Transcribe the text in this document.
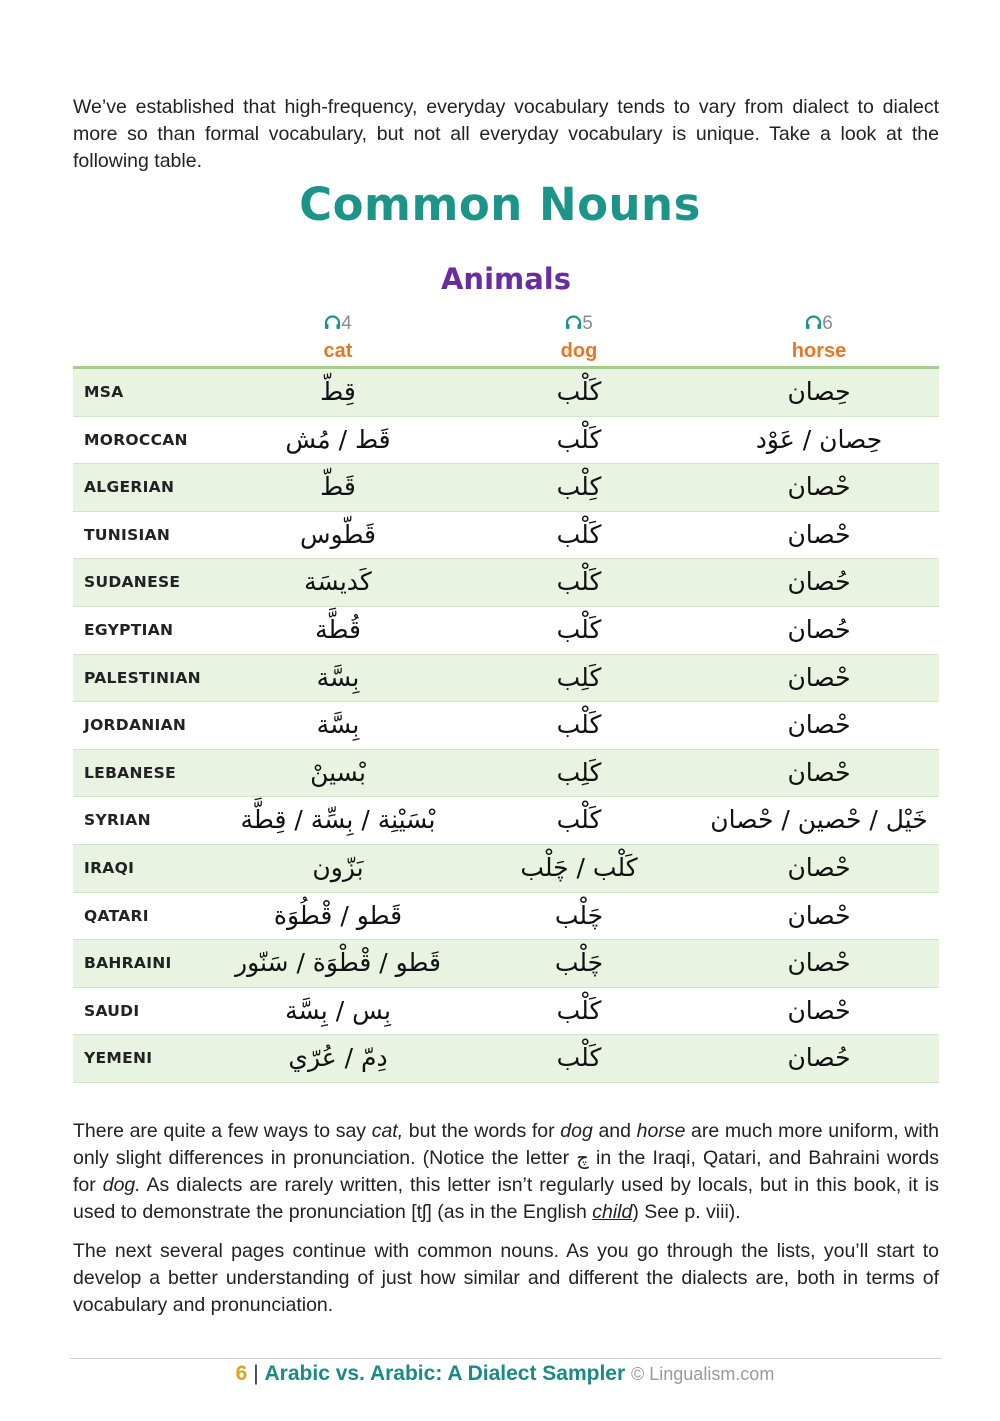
We’ve established that high-frequency, everyday vocabulary tends to vary from dialect to dialect more so than formal vocabulary, but not all everyday vocabulary is unique. Take a look at the following table.

Common Nouns
Animals
4
cat
5
dog
6
horse
MSA	قِطّ	كَلْب	حِصان
MOROCCAN	قَط / مُش	كَلْب	حِصان / عَوْد
ALGERIAN	قَطّ	كِلْب	حْصان
TUNISIAN	قَطّوس	كَلْب	حْصان
SUDANESE	كَديسَة	كَلْب	حُصان
EGYPTIAN	قُطَّة	كَلْب	حُصان
PALESTINIAN	بِسَّة	كَلِب	حْصان
JORDANIAN	بِسَّة	كَلْب	حْصان
LEBANESE	بْسينْ	كَلِب	حْصان
SYRIAN	بْسَيْنِة / بِسِّة / قِطَّة	كَلْب	خَيْل / حْصين / حْصان
IRAQI	بَزّون	كَلْب / چَلْب	حْصان
QATARI	قَطو / قْطُوَة	چَلْب	حْصان
BAHRAINI	قَطو / قْطْوَة / سَنّور	چَلْب	حْصان
SAUDI	بِس / بِسَّة	كَلْب	حْصان
YEMENI	دِمّ / عُرّي	كَلْب	حُصان

There are quite a few ways to say cat, but the words for dog and horse are much more uniform, with only slight differences in pronunciation. (Notice the letter چ in the Iraqi, Qatari, and Bahraini words for dog. As dialects are rarely written, this letter isn’t regularly used by locals, but in this book, it is used to demonstrate the pronunciation [tʃ] (as in the English child) See p. viii).

The next several pages continue with common nouns. As you go through the lists, you’ll start to develop a better understanding of just how similar and different the dialects are, both in terms of vocabulary and pronunciation.

6 | Arabic vs. Arabic: A Dialect Sampler © Lingualism.com
